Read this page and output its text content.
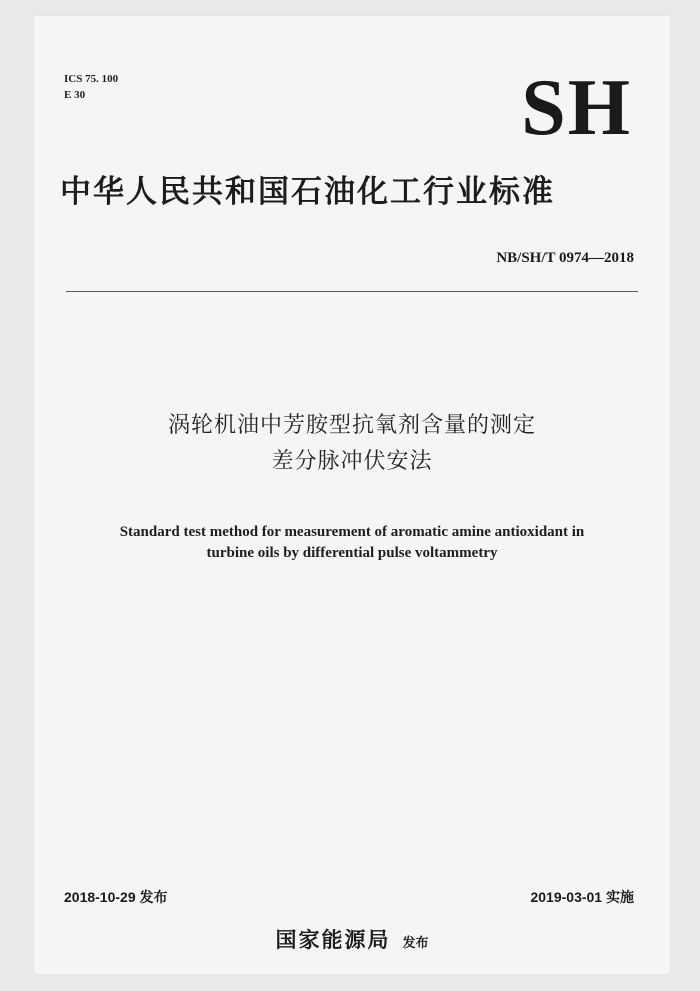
ICS 75. 100
E 30	SH
中华人民共和国石油化工行业标准
NB/SH/T 0974—2018
涡轮机油中芳胺型抗氧剂含量的测定
差分脉冲伏安法
Standard test method for measurement of aromatic amine antioxidant in
turbine oils by differential pulse voltammetry
2018-10-29 发布	2019-03-01 实施
国家能源局 发布
